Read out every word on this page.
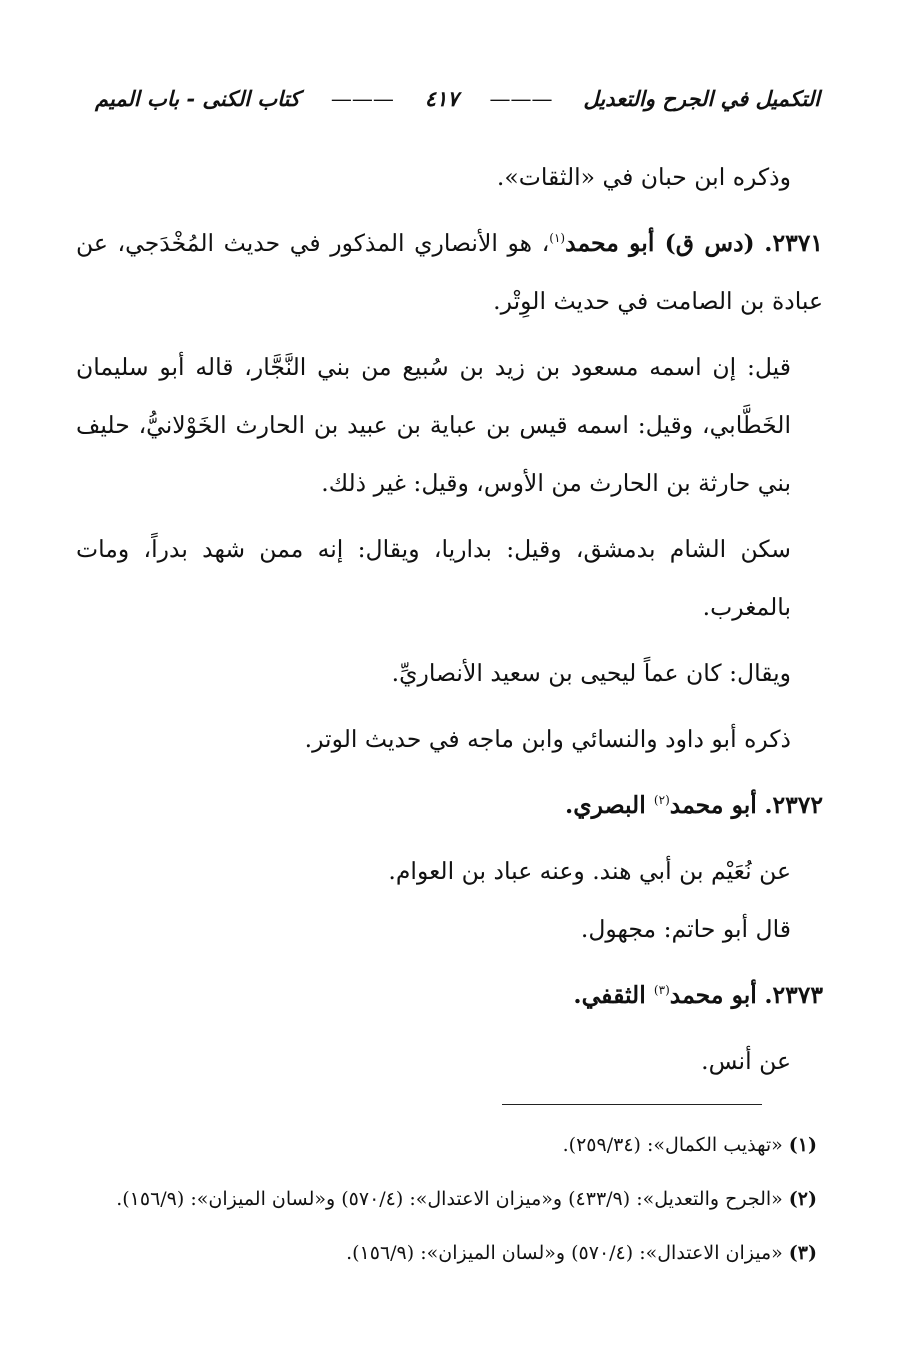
التكميل في الجرح والتعديل
———
٤١٧
———
كتاب الكنى - باب الميم

وذكره ابن حبان في «الثقات».

٢٣٧١. (دس ق) أبو محمد$^{(١)}$، هو الأنصاري المذكور في حديث المُخْدَجي، عن عبادة بن الصامت في حديث الوِتْر.

قيل: إن اسمه مسعود بن زيد بن سُبيع من بني النَّجَّار، قاله أبو سليمان الخَطَّابي، وقيل: اسمه قيس بن عباية بن عبيد بن الحارث الخَوْلانيُّ، حليف بني حارثة بن الحارث من الأوس، وقيل: غير ذلك.

سكن الشام بدمشق، وقيل: بداريا، ويقال: إنه ممن شهد بدراً، ومات بالمغرب.

ويقال: كان عماً ليحيى بن سعيد الأنصاريِّ.

ذكره أبو داود والنسائي وابن ماجه في حديث الوتر.

٢٣٧٢. أبو محمد$^{(٢)}$ البصري.

عن نُعَيْم بن أبي هند. وعنه عباد بن العوام.

قال أبو حاتم: مجهول.

٢٣٧٣. أبو محمد$^{(٣)}$ الثقفي.

عن أنس.

(١)«تهذيب الكمال»: (٢٥٩/٣٤).

(٢)«الجرح والتعديل»: (٤٣٣/٩) و«ميزان الاعتدال»: (٥٧٠/٤) و«لسان الميزان»: (١٥٦/٩).

(٣)«ميزان الاعتدال»: (٥٧٠/٤) و«لسان الميزان»: (١٥٦/٩).
